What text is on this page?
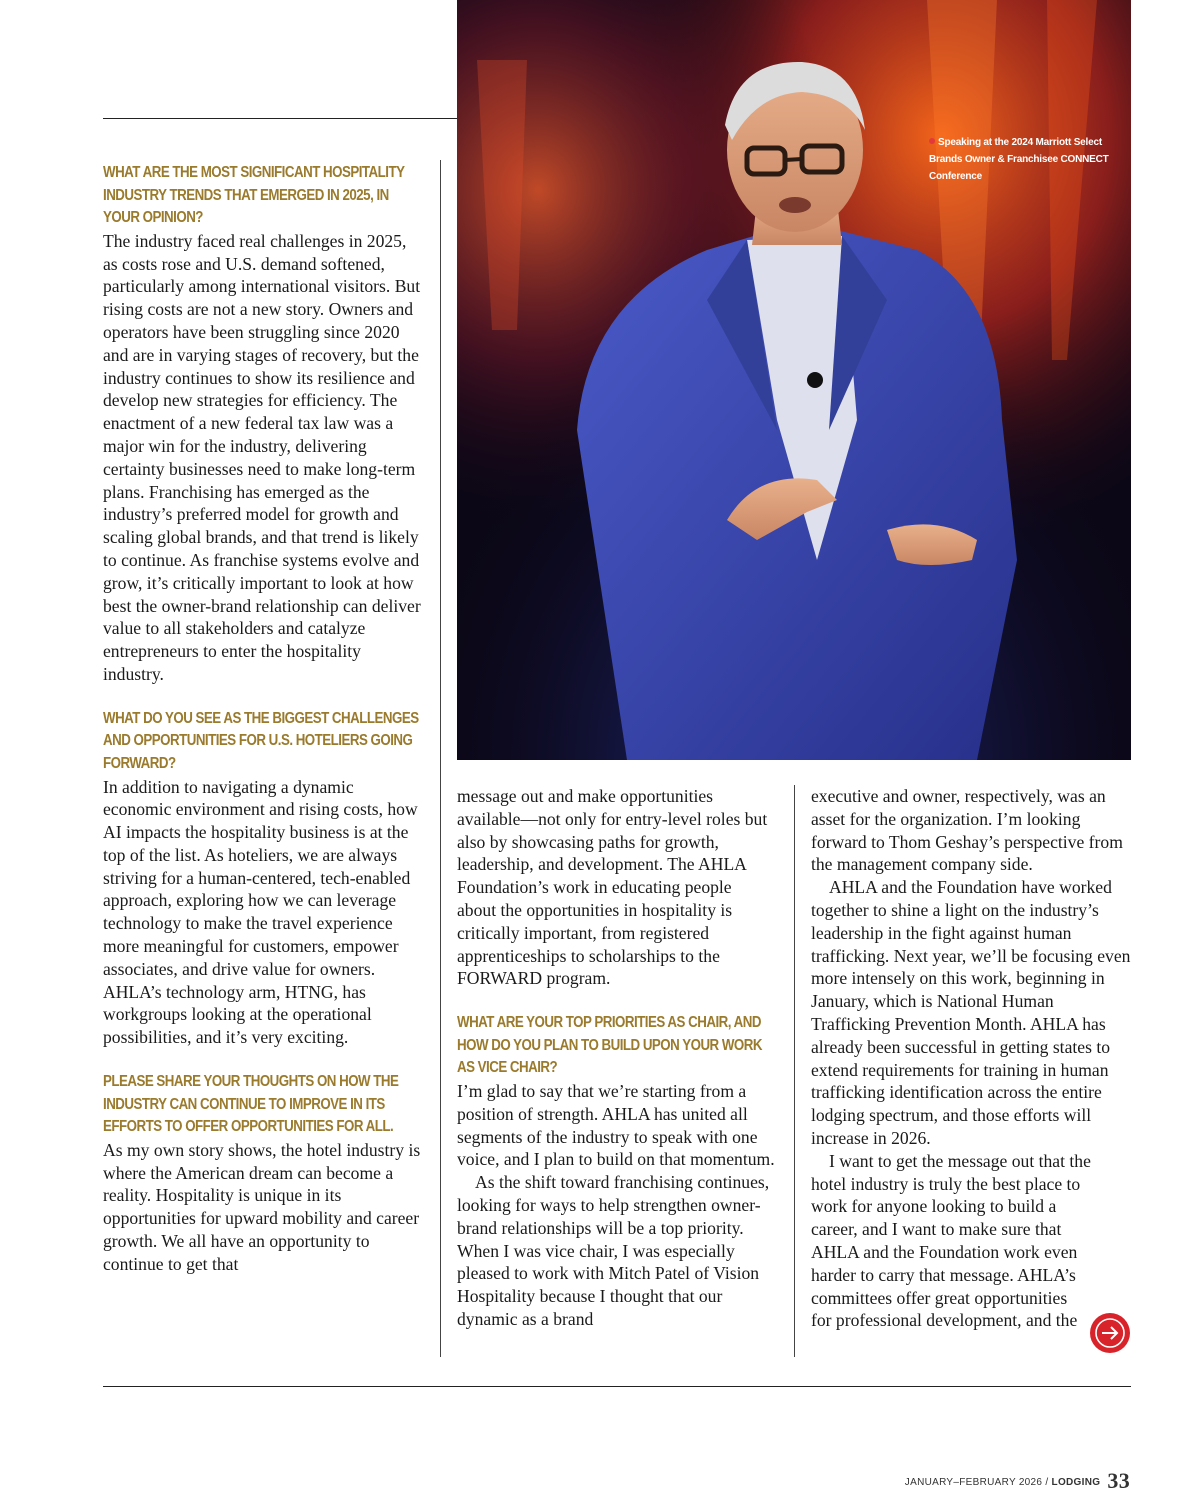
Speaking at the 2024 Marriott Select Brands Owner & Franchisee CONNECT Conference
WHAT ARE THE MOST SIGNIFICANT HOSPITALITY INDUSTRY TRENDS THAT EMERGED IN 2025, IN YOUR OPINION?

The industry faced real challenges in 2025, as costs rose and U.S. demand softened, particularly among international visitors. But rising costs are not a new story. Owners and operators have been struggling since 2020 and are in varying stages of recovery, but the industry continues to show its resilience and develop new strategies for efficiency. The enactment of a new federal tax law was a major win for the industry, delivering certainty businesses need to make long-term plans. Franchising has emerged as the industry’s preferred model for growth and scaling global brands, and that trend is likely to continue. As franchise systems evolve and grow, it’s critically important to look at how best the owner-brand relationship can deliver value to all stakeholders and catalyze entrepreneurs to enter the hospitality industry.

WHAT DO YOU SEE AS THE BIGGEST CHALLENGES AND OPPORTUNITIES FOR U.S. HOTELIERS GOING FORWARD?

In addition to navigating a dynamic economic environment and rising costs, how AI impacts the hospitality business is at the top of the list. As hoteliers, we are always striving for a human-centered, tech-enabled approach, exploring how we can leverage technology to make the travel experience more meaningful for customers, empower associates, and drive value for owners. AHLA’s technology arm, HTNG, has workgroups looking at the operational possibilities, and it’s very exciting.

PLEASE SHARE YOUR THOUGHTS ON HOW THE INDUSTRY CAN CONTINUE TO IMPROVE IN ITS EFFORTS TO OFFER OPPORTUNITIES FOR ALL.

As my own story shows, the hotel industry is where the American dream can become a reality. Hospitality is unique in its opportunities for upward mobility and career growth. We all have an opportunity to continue to get that

message out and make opportunities available—not only for entry-level roles but also by showcasing paths for growth, leadership, and development. The AHLA Foundation’s work in educating people about the opportunities in hospitality is critically important, from registered apprenticeships to scholarships to the FORWARD program.

WHAT ARE YOUR TOP PRIORITIES AS CHAIR, AND HOW DO YOU PLAN TO BUILD UPON YOUR WORK AS VICE CHAIR?

I’m glad to say that we’re starting from a position of strength. AHLA has united all segments of the industry to speak with one voice, and I plan to build on that momentum.

As the shift toward franchising continues, looking for ways to help strengthen owner-brand relationships will be a top priority. When I was vice chair, I was especially pleased to work with Mitch Patel of Vision Hospitality because I thought that our dynamic as a brand

executive and owner, respectively, was an asset for the organization. I’m looking forward to Thom Geshay’s perspective from the management company side.

AHLA and the Foundation have worked together to shine a light on the industry’s leadership in the fight against human trafficking. Next year, we’ll be focusing even more intensely on this work, beginning in January, which is National Human Trafficking Prevention Month. AHLA has already been successful in getting states to extend requirements for training in human trafficking identification across the entire lodging spectrum, and those efforts will increase in 2026.

I want to get the message out that the hotel industry is truly the best place to work for anyone looking to build a career, and I want to make sure that AHLA and the Foundation work even harder to carry that message. AHLA’s committees offer great opportunities for professional development, and the

JANUARY–FEBRUARY 2026 / LODGING 33
